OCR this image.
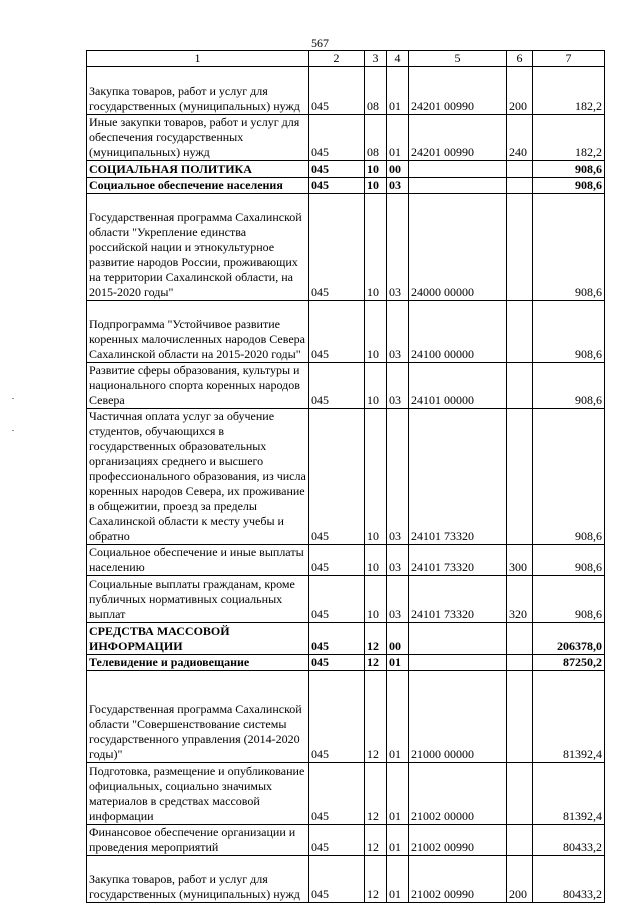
567
1	2	3	4	5	6	7
Закупка товаров, работ и услуг для государственных (муниципальных) нужд	045	08	01	24201 00990	200	182,2
Иные закупки товаров, работ и услуг для обеспечения государственных (муниципальных) нужд	045	08	01	24201 00990	240	182,2
СОЦИАЛЬНАЯ ПОЛИТИКА	045	10	00			908,6
Социальное обеспечение населения	045	10	03			908,6
Государственная программа Сахалинской области "Укрепление единства российской нации и этнокультурное развитие народов России, проживающих на территории Сахалинской области, на 2015-2020 годы"	045	10	03	24000 00000		908,6
Подпрограмма "Устойчивое развитие коренных малочисленных народов Севера Сахалинской области на 2015-2020 годы"	045	10	03	24100 00000		908,6
Развитие сферы образования, культуры и национального спорта коренных народов Севера	045	10	03	24101 00000		908,6
Частичная оплата услуг за обучение студентов, обучающихся в государственных образовательных организациях среднего и высшего профессионального образования, из числа коренных народов Севера, их проживание в общежитии, проезд за пределы Сахалинской области к месту учебы и обратно	045	10	03	24101 73320		908,6
Социальное обеспечение и иные выплаты населению	045	10	03	24101 73320	300	908,6
Социальные выплаты гражданам, кроме публичных нормативных социальных выплат	045	10	03	24101 73320	320	908,6
СРЕДСТВА МАССОВОЙ ИНФОРМАЦИИ	045	12	00			206378,0
Телевидение и радиовещание	045	12	01			87250,2
Государственная программа Сахалинской области "Совершенствование системы государственного управления (2014-2020 годы)"	045	12	01	21000 00000		81392,4
Подготовка, размещение и опубликование официальных, социально значимых материалов в средствах массовой информации	045	12	01	21002 00000		81392,4
Финансовое обеспечение организации и проведения мероприятий	045	12	01	21002 00990		80433,2
Закупка товаров, работ и услуг для государственных (муниципальных) нужд	045	12	01	21002 00990	200	80433,2
